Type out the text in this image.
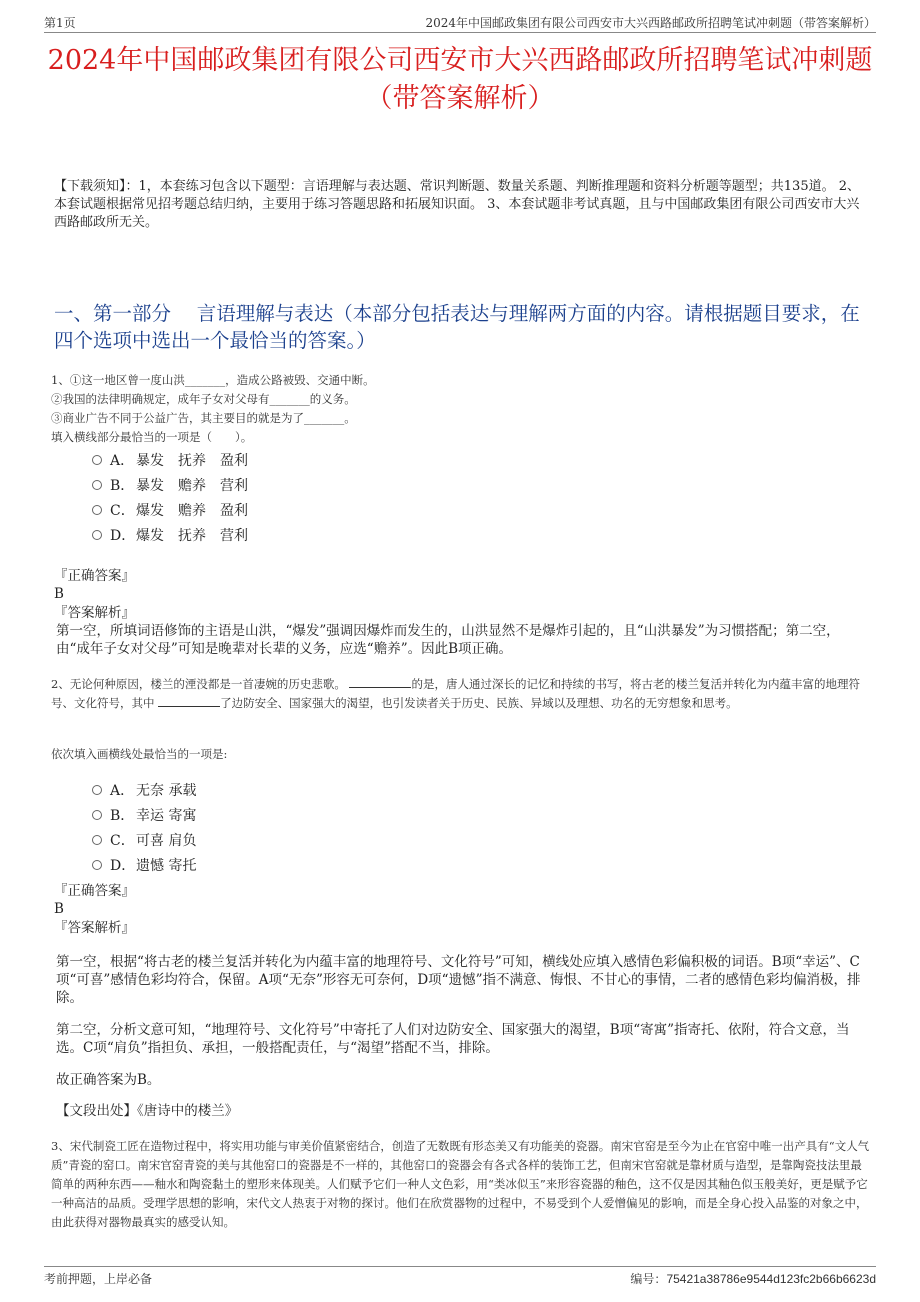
第1页	2024年中国邮政集团有限公司西安市大兴西路邮政所招聘笔试冲刺题（带答案解析）
2024年中国邮政集团有限公司西安市大兴西路邮政所招聘笔试冲刺题（带答案解析）
【下载须知】：1，本套练习包含以下题型：言语理解与表达题、常识判断题、数量关系题、判断推理题和资料分析题等题型；共135道。 2、本套试题根据常见招考题总结归纳，主要用于练习答题思路和拓展知识面。 3、本套试题非考试真题，且与中国邮政集团有限公司西安市大兴西路邮政所无关。
一、第一部分　 言语理解与表达（本部分包括表达与理解两方面的内容。请根据题目要求，在四个选项中选出一个最恰当的答案。）
1、①这一地区曾一度山洪_______，造成公路被毁、交通中断。
②我国的法律明确规定，成年子女对父母有_______的义务。
③商业广告不同于公益广告，其主要目的就是为了_______。
填入横线部分最恰当的一项是（　　）。
A． 暴发　抚养　盈利
B． 暴发　赡养　营利
C． 爆发　赡养　盈利
D． 爆发　抚养　营利
『正确答案』
B
『答案解析』
第一空，所填词语修饰的主语是山洪，“爆发”强调因爆炸而发生的，山洪显然不是爆炸引起的，且“山洪暴发”为习惯搭配；第二空，由“成年子女对父母”可知是晚辈对长辈的义务，应选“赡养”。因此B项正确。
2、无论何种原因，楼兰的湮没都是一首凄婉的历史悲歌。	的是，唐人通过深长的记忆和持续的书写，将古老的楼兰复活并转化为内蕴丰富的地理符号、文化符号，其中	了边防安全、国家强大的渴望，也引发读者关于历史、民族、异域以及理想、功名的无穷想象和思考。
依次填入画横线处最恰当的一项是:
A． 无奈 承载
B． 幸运 寄寓
C． 可喜 肩负
D． 遗憾 寄托
『正确答案』
B
『答案解析』
第一空，根据“将古老的楼兰复活并转化为内蕴丰富的地理符号、文化符号”可知，横线处应填入感情色彩偏积极的词语。B项“幸运”、C项“可喜”感情色彩均符合，保留。A项“无奈”形容无可奈何，D项“遗憾”指不满意、悔恨、不甘心的事情，二者的感情色彩均偏消极，排除。
第二空，分析文意可知，“地理符号、文化符号”中寄托了人们对边防安全、国家强大的渴望，B项“寄寓”指寄托、依附，符合文意，当选。C项“肩负”指担负、承担，一般搭配责任，与“渴望”搭配不当，排除。
故正确答案为B。
【文段出处】《唐诗中的楼兰》
3、宋代制瓷工匠在造物过程中，将实用功能与审美价值紧密结合，创造了无数既有形态美又有功能美的瓷器。南宋官窑是至今为止在官窑中唯一出产具有“文人气质”青瓷的窑口。南宋官窑青瓷的美与其他窑口的瓷器是不一样的，其他窑口的瓷器会有各式各样的装饰工艺，但南宋官窑就是靠材质与造型，是靠陶瓷技法里最简单的两种东西——釉水和陶瓷黏土的塑形来体现美。人们赋予它们一种人文色彩，用“类冰似玉”来形容瓷器的釉色，这不仅是因其釉色似玉般美好，更是赋予它一种高洁的品质。受理学思想的影响，宋代文人热衷于对物的探讨。他们在欣赏器物的过程中，不易受到个人爱憎偏见的影响，而是全身心投入品鉴的对象之中，由此获得对器物最真实的感受认知。
考前押题，上岸必备	编号：75421a38786e9544d123fc2b66b6623d
